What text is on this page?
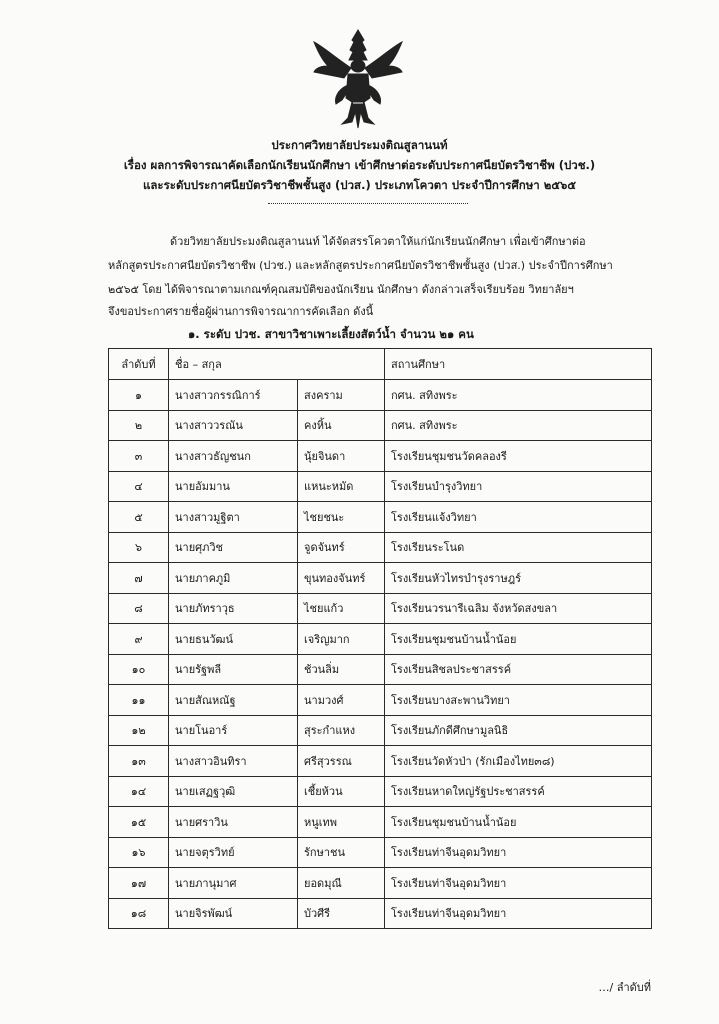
ประกาศวิทยาลัยประมงติณสูลานนท์
เรื่อง ผลการพิจารณาคัดเลือกนักเรียนนักศึกษา เข้าศึกษาต่อระดับประกาศนียบัตรวิชาชีพ (ปวช.)
และระดับประกาศนียบัตรวิชาชีพชั้นสูง (ปวส.) ประเภทโควตา ประจำปีการศึกษา ๒๕๖๕
ด้วยวิทยาลัยประมงติณสูลานนท์ ได้จัดสรรโควตาให้แก่นักเรียนนักศึกษา เพื่อเข้าศึกษาต่อ
หลักสูตรประกาศนียบัตรวิชาชีพ (ปวช.) และหลักสูตรประกาศนียบัตรวิชาชีพชั้นสูง (ปวส.) ประจำปีการศึกษา
๒๕๖๕ โดย ได้พิจารณาตามเกณฑ์คุณสมบัติของนักเรียน นักศึกษา ดังกล่าวเสร็จเรียบร้อย วิทยาลัยฯ
จึงขอประกาศรายชื่อผู้ผ่านการพิจารณาการคัดเลือก ดังนี้
๑. ระดับ ปวช. สาขาวิชาเพาะเลี้ยงสัตว์น้ำ จำนวน ๒๑ คน
ลำดับที่	ชื่อ – สกุล		สถานศึกษา
๑	นางสาวกรรณิการ์	สงคราม	กศน. สทิงพระ
๒	นางสาววรณัน	คงหิ้น	กศน. สทิงพระ
๓	นางสาวธัญชนก	นุ้ยจินดา	โรงเรียนชุมชนวัดคลองรี
๔	นายอัมมาน	แหนะหมัด	โรงเรียนบำรุงวิทยา
๕	นางสาวมูฐิตา	ไชยชนะ	โรงเรียนแจ้งวิทยา
๖	นายศุภวิช	จูดจันทร์	โรงเรียนระโนด
๗	นายภาคภูมิ	ขุนทองจันทร์	โรงเรียนหัวไทรบำรุงราษฎร์
๘	นายภัทราวุธ	ไชยแก้ว	โรงเรียนวรนารีเฉลิม จังหวัดสงขลา
๙	นายธนวัฒน์	เจริญมาก	โรงเรียนชุมชนบ้านน้ำน้อย
๑๐	นายรัฐพลี	ช้วนลิ่ม	โรงเรียนสิชลประชาสรรค์
๑๑	นายสัณหณัฐ	นามวงศ์	โรงเรียนบางสะพานวิทยา
๑๒	นายโนอาร์	สุระกำแหง	โรงเรียนภักดีศึกษามูลนิธิ
๑๓	นางสาวอินทิรา	ศรีสุวรรณ	โรงเรียนวัดหัวป่า (รักเมืองไทย๓๘)
๑๔	นายเสฏฐวุฒิ	เชี้ยห้วน	โรงเรียนหาดใหญ่รัฐประชาสรรค์
๑๕	นายศราวิน	หนูเทพ	โรงเรียนชุมชนบ้านน้ำน้อย
๑๖	นายจตุรวิทย์	รักษาชน	โรงเรียนท่าจีนอุดมวิทยา
๑๗	นายภานุมาศ	ยอดมุณี	โรงเรียนท่าจีนอุดมวิทยา
๑๘	นายจิรพัฒน์	บัวศีรี	โรงเรียนท่าจีนอุดมวิทยา
…/ ลำดับที่
